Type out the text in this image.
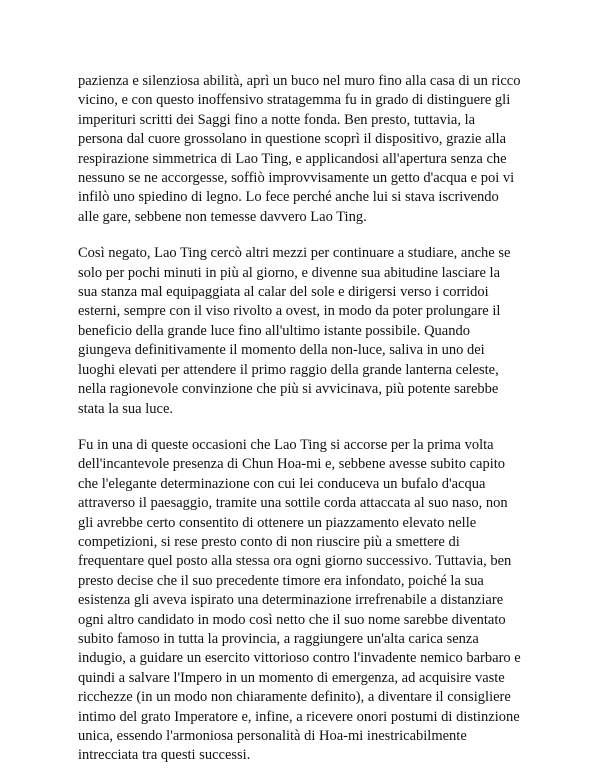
pazienza e silenziosa abilità, aprì un buco nel muro fino alla casa di un ricco
vicino, e con questo inoffensivo stratagemma fu in grado di distinguere gli
imperituri scritti dei Saggi fino a notte fonda. Ben presto, tuttavia, la
persona dal cuore grossolano in questione scoprì il dispositivo, grazie alla
respirazione simmetrica di Lao Ting, e applicandosi all'apertura senza che
nessuno se ne accorgesse, soffiò improvvisamente un getto d'acqua e poi vi
infilò uno spiedino di legno. Lo fece perché anche lui si stava iscrivendo
alle gare, sebbene non temesse davvero Lao Ting.

Così negato, Lao Ting cercò altri mezzi per continuare a studiare, anche se
solo per pochi minuti in più al giorno, e divenne sua abitudine lasciare la
sua stanza mal equipaggiata al calar del sole e dirigersi verso i corridoi
esterni, sempre con il viso rivolto a ovest, in modo da poter prolungare il
beneficio della grande luce fino all'ultimo istante possibile. Quando
giungeva definitivamente il momento della non-luce, saliva in uno dei
luoghi elevati per attendere il primo raggio della grande lanterna celeste,
nella ragionevole convinzione che più si avvicinava, più potente sarebbe
stata la sua luce.

Fu in una di queste occasioni che Lao Ting si accorse per la prima volta
dell'incantevole presenza di Chun Hoa-mi e, sebbene avesse subito capito
che l'elegante determinazione con cui lei conduceva un bufalo d'acqua
attraverso il paesaggio, tramite una sottile corda attaccata al suo naso, non
gli avrebbe certo consentito di ottenere un piazzamento elevato nelle
competizioni, si rese presto conto di non riuscire più a smettere di
frequentare quel posto alla stessa ora ogni giorno successivo. Tuttavia, ben
presto decise che il suo precedente timore era infondato, poiché la sua
esistenza gli aveva ispirato una determinazione irrefrenabile a distanziare
ogni altro candidato in modo così netto che il suo nome sarebbe diventato
subito famoso in tutta la provincia, a raggiungere un'alta carica senza
indugio, a guidare un esercito vittorioso contro l'invadente nemico barbaro e
quindi a salvare l'Impero in un momento di emergenza, ad acquisire vaste
ricchezze (in un modo non chiaramente definito), a diventare il consigliere
intimo del grato Imperatore e, infine, a ricevere onori postumi di distinzione
unica, essendo l'armoniosa personalità di Hoa-mi inestricabilmente
intrecciata tra questi successi.
